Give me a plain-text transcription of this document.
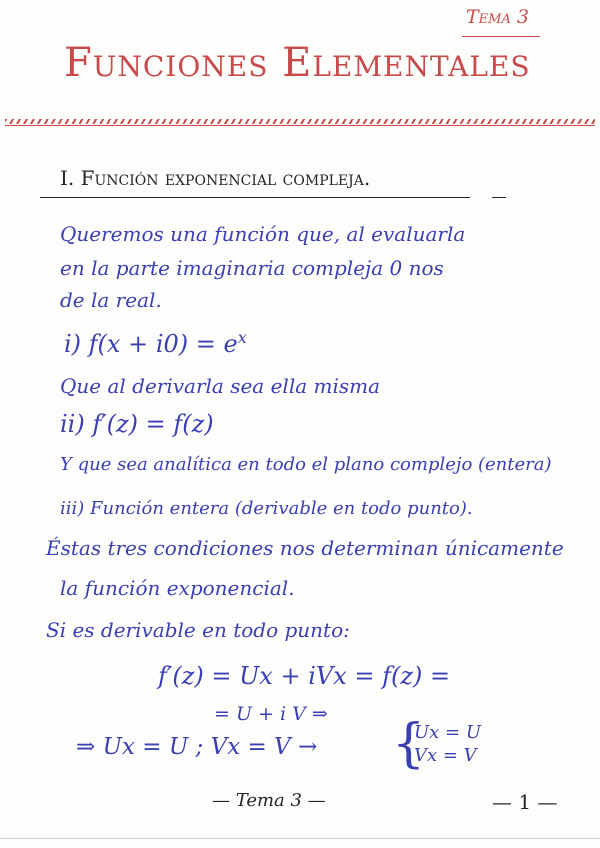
Tema 3
Funciones Elementales
I. Función exponencial compleja.
Queremos una función que, al evaluarla
en la parte imaginaria compleja 0 nos
de la real.
i) $f(x + i0) = e^x$
Que al derivarla sea ella misma
ii) f′(z) = f(z)
Y que sea analítica en todo el plano complejo (entera)
iii) Función entera (derivable en todo punto).
Éstas tres condiciones nos determinan únicamente
la función exponencial.
Si es derivable en todo punto:
f′(z) = Ux + iVx = f(z) =
= U + i V ⇒
⇒ Ux = U ; Vx = V → {
Ux = U
Vx = V
— Tema 3 —	— 1 —
